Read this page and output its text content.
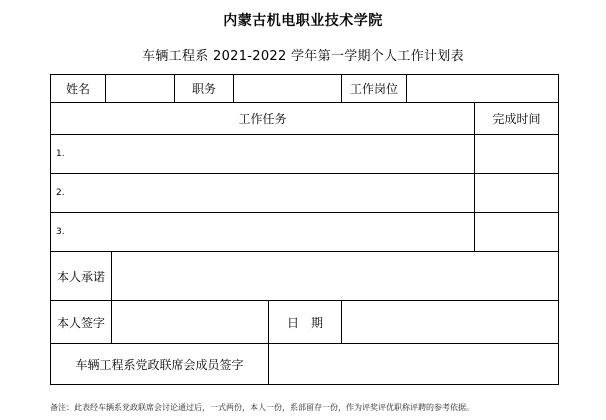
内蒙古机电职业技术学院
车辆工程系 2021-2022 学年第一学期个人工作计划表
姓名	职务	工作岗位
工作任务	完成时间
1.
2.
3.
本人承诺
本人签字	日　期
车辆工程系党政联席会成员签字
备注：此表经车辆系党政联席会讨论通过后，一式两份，本人一份，系部留存一份，作为评奖评优职称评聘的参考依据。
